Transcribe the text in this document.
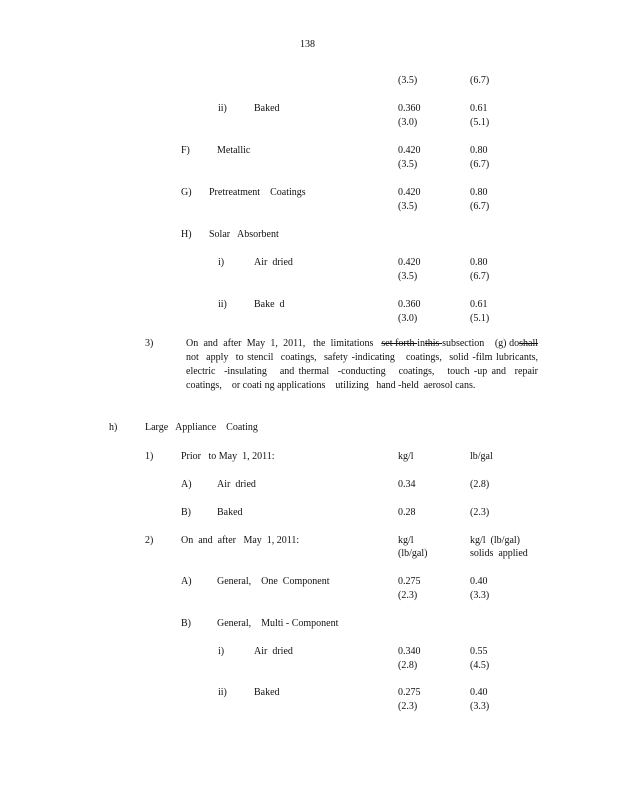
138
(3.5)	(6.7)
ii)	Baked	0.360	0.61
(3.0)	(5.1)
F)	Metallic	0.420	0.80
(3.5)	(6.7)
G) Pretreatment    Coatings	0.420	0.80
(3.5)	(6.7)
H) Solar   Absorbent
i)	Air  dried	0.420	0.80
(3.5)	(6.7)
ii)	Bake  d	0.360	0.61
(3.0)	(5.1)
3)	On  and  after  May  1,  2011,   the  limitations   set forth inthis subsection    (g) doshall not  apply  to stencil  coatings,  safety -indicating   coatings,  solid -film lubricants,   electric  -insulating   and thermal  -conducting   coatings,   touch -up and  repair  coatings,    or coati ng applications    utilizing   hand -held  aerosol cans.
h)	Large   Appliance    Coating
1)	Prior   to May  1, 2011:	kg/l	lb/gal
A)	Air  dried	0.34	(2.8)
B)	Baked	0.28	(2.3)
2)	On  and  after   May  1, 2011:	kg/l	kg/l  (lb/gal)
(lb/gal)	solids  applied
A)	General,    One  Component	0.275	0.40
(2.3)	(3.3)
B)	General,    Multi - Component
i)	Air  dried	0.340	0.55
(2.8)	(4.5)
ii)	Baked	0.275	0.40
(2.3)	(3.3)
